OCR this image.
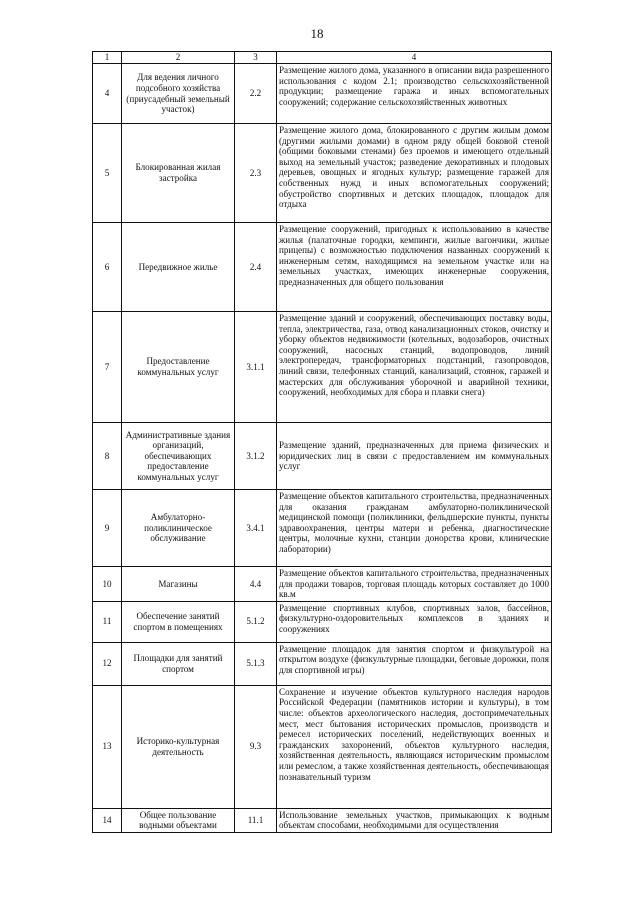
18
1	2	3	4
4	Для ведения личного подсобного хозяйства (приусадебный земельный участок)	2.2	Размещение жилого дома, указанного в описании вида разрешенного использования с кодом 2.1; производство сельскохозяйственной продукции; размещение гаража и иных вспомогательных сооружений; содержание сельскохозяйственных животных
5	Блокированная жилая застройка	2.3	Размещение жилого дома, блокированного с другим жилым домом (другими жилыми домами) в одном ряду общей боковой стеной (общими боковыми стенами) без проемов и имеющего отдельный выход на земельный участок; разведение декоративных и плодовых деревьев, овощных и ягодных культур; размещение гаражей для собственных нужд и иных вспомогательных сооружений; обустройство спортивных и детских площадок, площадок для отдыха
6	Передвижное жилье	2.4	Размещение сооружений, пригодных к использованию в качестве жилья (палаточные городки, кемпинги, жилые вагончики, жилые прицепы) с возможностью подключения названных сооружений к инженерным сетям, находящимся на земельном участке или на земельных участках, имеющих инженерные сооружения, предназначенных для общего пользования
7	Предоставление коммунальных услуг	3.1.1	Размещение зданий и сооружений, обеспечивающих поставку воды, тепла, электричества, газа, отвод канализационных стоков, очистку и уборку объектов недвижимости (котельных, водозаборов, очистных сооружений, насосных станций, водопроводов, линий электропередач, трансформаторных подстанций, газопроводов, линий связи, телефонных станций, канализаций, стоянок, гаражей и мастерских для обслуживания уборочной и аварийной техники, сооружений, необходимых для сбора и плавки снега)
8	Административные здания организаций, обеспечивающих предоставление коммунальных услуг	3.1.2	Размещение зданий, предназначенных для приема физических и юридических лиц в связи с предоставлением им коммунальных услуг
9	Амбулаторно-поликлиническое обслуживание	3.4.1	Размещение объектов капитального строительства, предназначенных для оказания гражданам амбулаторно-поликлинической медицинской помощи (поликлиники, фельдшерские пункты, пункты здравоохранения, центры матери и ребенка, диагностические центры, молочные кухни, станции донорства крови, клинические лаборатории)
10	Магазины	4.4	Размещение объектов капитального строительства, предназначенных для продажи товаров, торговая площадь которых составляет до 1000 кв.м
11	Обеспечение занятий спортом в помещениях	5.1.2	Размещение спортивных клубов, спортивных залов, бассейнов, физкультурно-оздоровительных комплексов в зданиях и сооружениях
12	Площадки для занятий спортом	5.1.3	Размещение площадок для занятия спортом и физкультурой на открытом воздухе (физкультурные площадки, беговые дорожки, поля для спортивной игры)
13	Историко-культурная деятельность	9.3	Сохранение и изучение объектов культурного наследия народов Российской Федерации (памятников истории и культуры), в том числе: объектов археологического наследия, достопримечательных мест, мест бытования исторических промыслов, производств и ремесел исторических поселений, недействующих военных и гражданских захоронений, объектов культурного наследия, хозяйственная деятельность, являющаяся историческим промыслом или ремеслом, а также хозяйственная деятельность, обеспечивающая познавательный туризм
14	Общее пользование водными объектами	11.1	Использование земельных участков, примыкающих к водным объектам способами, необходимыми для осуществления
